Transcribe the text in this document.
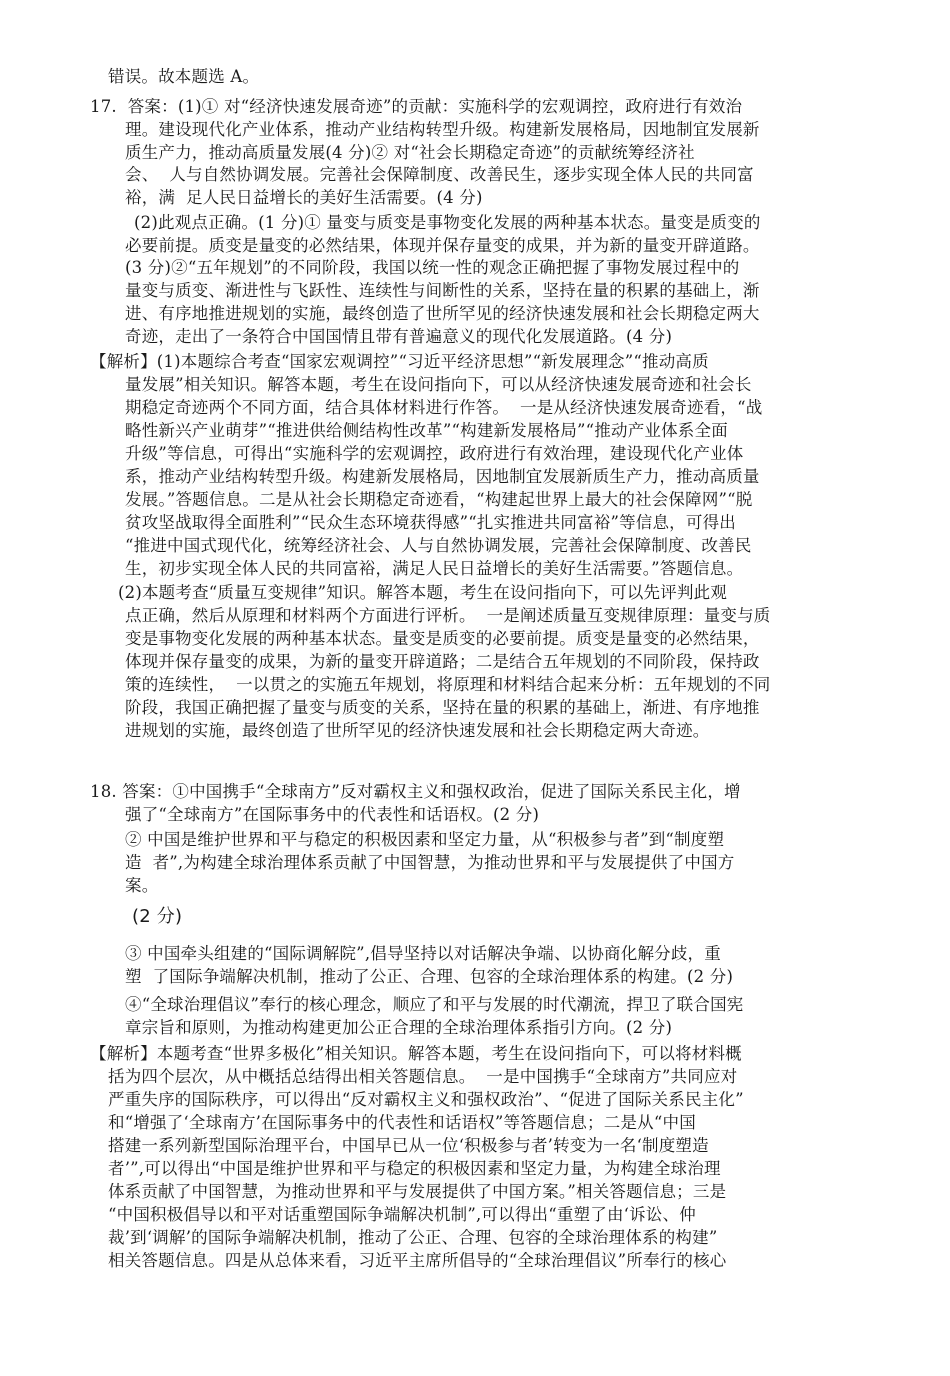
错误。故本题选 A。
17.  答案：(1)① 对“经济快速发展奇迹”的贡献：实施科学的宏观调控，政府进行有效治
理。建设现代化产业体系，推动产业结构转型升级。构建新发展格局，因地制宜发展新
质生产力，推动高质量发展(4 分)② 对“社会长期稳定奇迹”的贡献统筹经济社
会、  人与自然协调发展。完善社会保障制度、改善民生，逐步实现全体人民的共同富
裕，满  足人民日益增长的美好生活需要。(4 分)
(2)此观点正确。(1 分)① 量变与质变是事物变化发展的两种基本状态。量变是质变的
必要前提。质变是量变的必然结果，体现并保存量变的成果，并为新的量变开辟道路。
(3 分)②“五年规划”的不同阶段，我国以统一性的观念正确把握了事物发展过程中的
量变与质变、渐进性与飞跃性、连续性与间断性的关系，坚持在量的积累的基础上，渐
进、有序地推进规划的实施，最终创造了世所罕见的经济快速发展和社会长期稳定两大
奇迹，走出了一条符合中国国情且带有普遍意义的现代化发展道路。(4 分)
【解析】(1)本题综合考查“国家宏观调控”“习近平经济思想”“新发展理念”“推动高质
量发展”相关知识。解答本题，考生在设问指向下，可以从经济快速发展奇迹和社会长
期稳定奇迹两个不同方面，结合具体材料进行作答。  一是从经济快速发展奇迹看，“战
略性新兴产业萌芽”“推进供给侧结构性改革”“构建新发展格局”“推动产业体系全面
升级”等信息，可得出“实施科学的宏观调控，政府进行有效治理，建设现代化产业体
系，推动产业结构转型升级。构建新发展格局，因地制宜发展新质生产力，推动高质量
发展。”答题信息。二是从社会长期稳定奇迹看，“构建起世界上最大的社会保障网”“脱
贫攻坚战取得全面胜利”“民众生态环境获得感”“扎实推进共同富裕”等信息，可得出
“推进中国式现代化，统筹经济社会、人与自然协调发展，完善社会保障制度、改善民
生，初步实现全体人民的共同富裕，满足人民日益增长的美好生活需要。”答题信息。
(2)本题考查“质量互变规律”知识。解答本题，考生在设问指向下，可以先评判此观
点正确，然后从原理和材料两个方面进行评析。  一是阐述质量互变规律原理：量变与质
变是事物变化发展的两种基本状态。量变是质变的必要前提。质变是量变的必然结果，
体现并保存量变的成果，为新的量变开辟道路；二是结合五年规划的不同阶段，保持政
策的连续性，  一以贯之的实施五年规划，将原理和材料结合起来分析：五年规划的不同
阶段，我国正确把握了量变与质变的关系，坚持在量的积累的基础上，渐进、有序地推
进规划的实施，最终创造了世所罕见的经济快速发展和社会长期稳定两大奇迹。
18. 答案：①中国携手“全球南方”反对霸权主义和强权政治，促进了国际关系民主化，增
强了“全球南方”在国际事务中的代表性和话语权。(2 分)
② 中国是维护世界和平与稳定的积极因素和坚定力量，从“积极参与者”到“制度塑
造  者”,为构建全球治理体系贡献了中国智慧，为推动世界和平与发展提供了中国方
案。
(2 分)
③ 中国牵头组建的“国际调解院”,倡导坚持以对话解决争端、以协商化解分歧，重
塑  了国际争端解决机制，推动了公正、合理、包容的全球治理体系的构建。(2 分)
④“全球治理倡议”奉行的核心理念，顺应了和平与发展的时代潮流，捍卫了联合国宪
章宗旨和原则，为推动构建更加公正合理的全球治理体系指引方向。(2 分)
【解析】本题考查“世界多极化”相关知识。解答本题，考生在设问指向下，可以将材料概
括为四个层次，从中概括总结得出相关答题信息。  一是中国携手“全球南方”共同应对
严重失序的国际秩序，可以得出“反对霸权主义和强权政治”、“促进了国际关系民主化”
和“增强了‘全球南方’在国际事务中的代表性和话语权”等答题信息；二是从“中国
搭建一系列新型国际治理平台，中国早已从一位‘积极参与者’转变为一名‘制度塑造
者’”,可以得出“中国是维护世界和平与稳定的积极因素和坚定力量，为构建全球治理
体系贡献了中国智慧，为推动世界和平与发展提供了中国方案。”相关答题信息；三是
“中国积极倡导以和平对话重塑国际争端解决机制”,可以得出“重塑了由‘诉讼、仲
裁’到‘调解’的国际争端解决机制，推动了公正、合理、包容的全球治理体系的构建”
相关答题信息。四是从总体来看，习近平主席所倡导的“全球治理倡议”所奉行的核心
